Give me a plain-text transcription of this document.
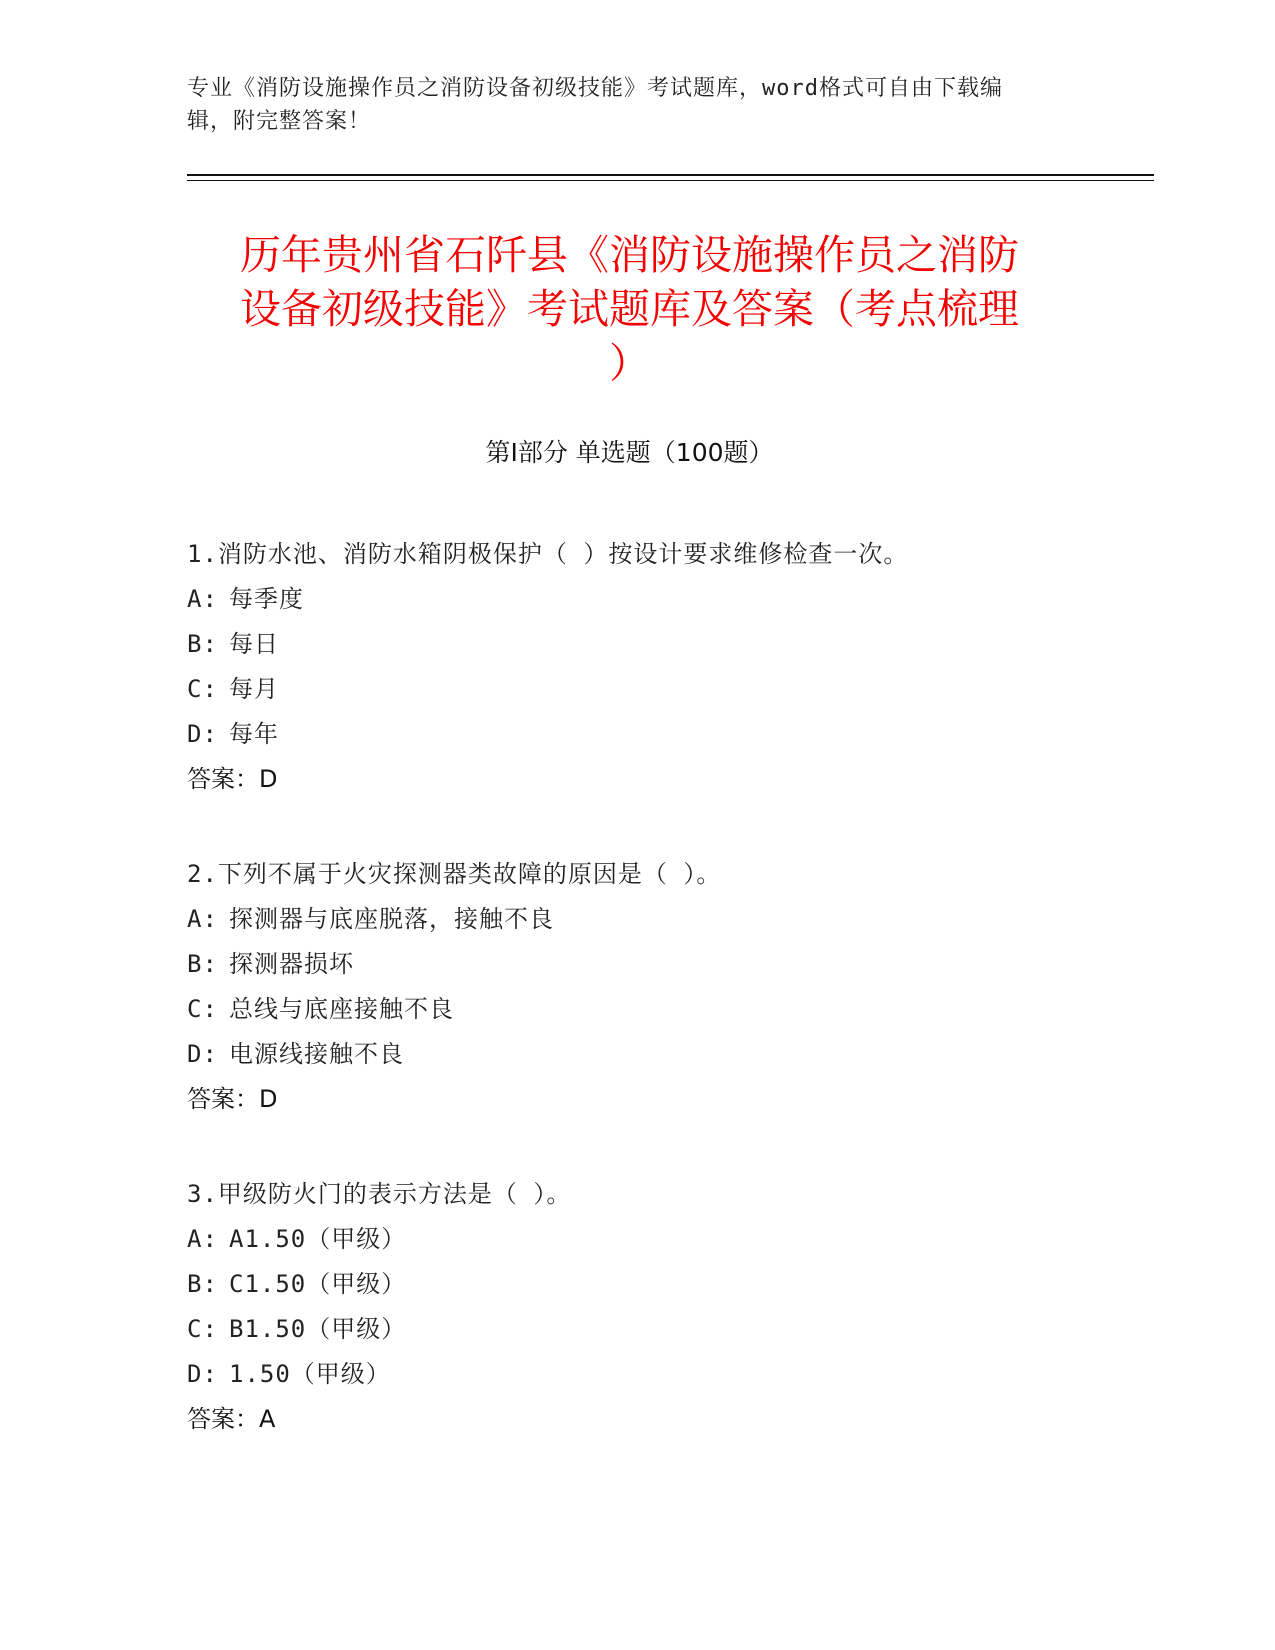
专业《消防设施操作员之消防设备初级技能》考试题库，word格式可自由下载编
辑，附完整答案！
历年贵州省石阡县《消防设施操作员之消防
设备初级技能》考试题库及答案（考点梳理
）
第Ⅰ部分 单选题（100题）
1.消防水池、消防水箱阴极保护（ ）按设计要求维修检查一次。
A: 每季度
B: 每日
C: 每月
D: 每年
答案：D
2.下列不属于火灾探测器类故障的原因是（ ）。
A: 探测器与底座脱落，接触不良
B: 探测器损坏
C: 总线与底座接触不良
D: 电源线接触不良
答案：D
3.甲级防火门的表示方法是（ ）。
A: A1.50（甲级）
B: C1.50（甲级）
C: B1.50（甲级）
D: 1.50（甲级）
答案：A
